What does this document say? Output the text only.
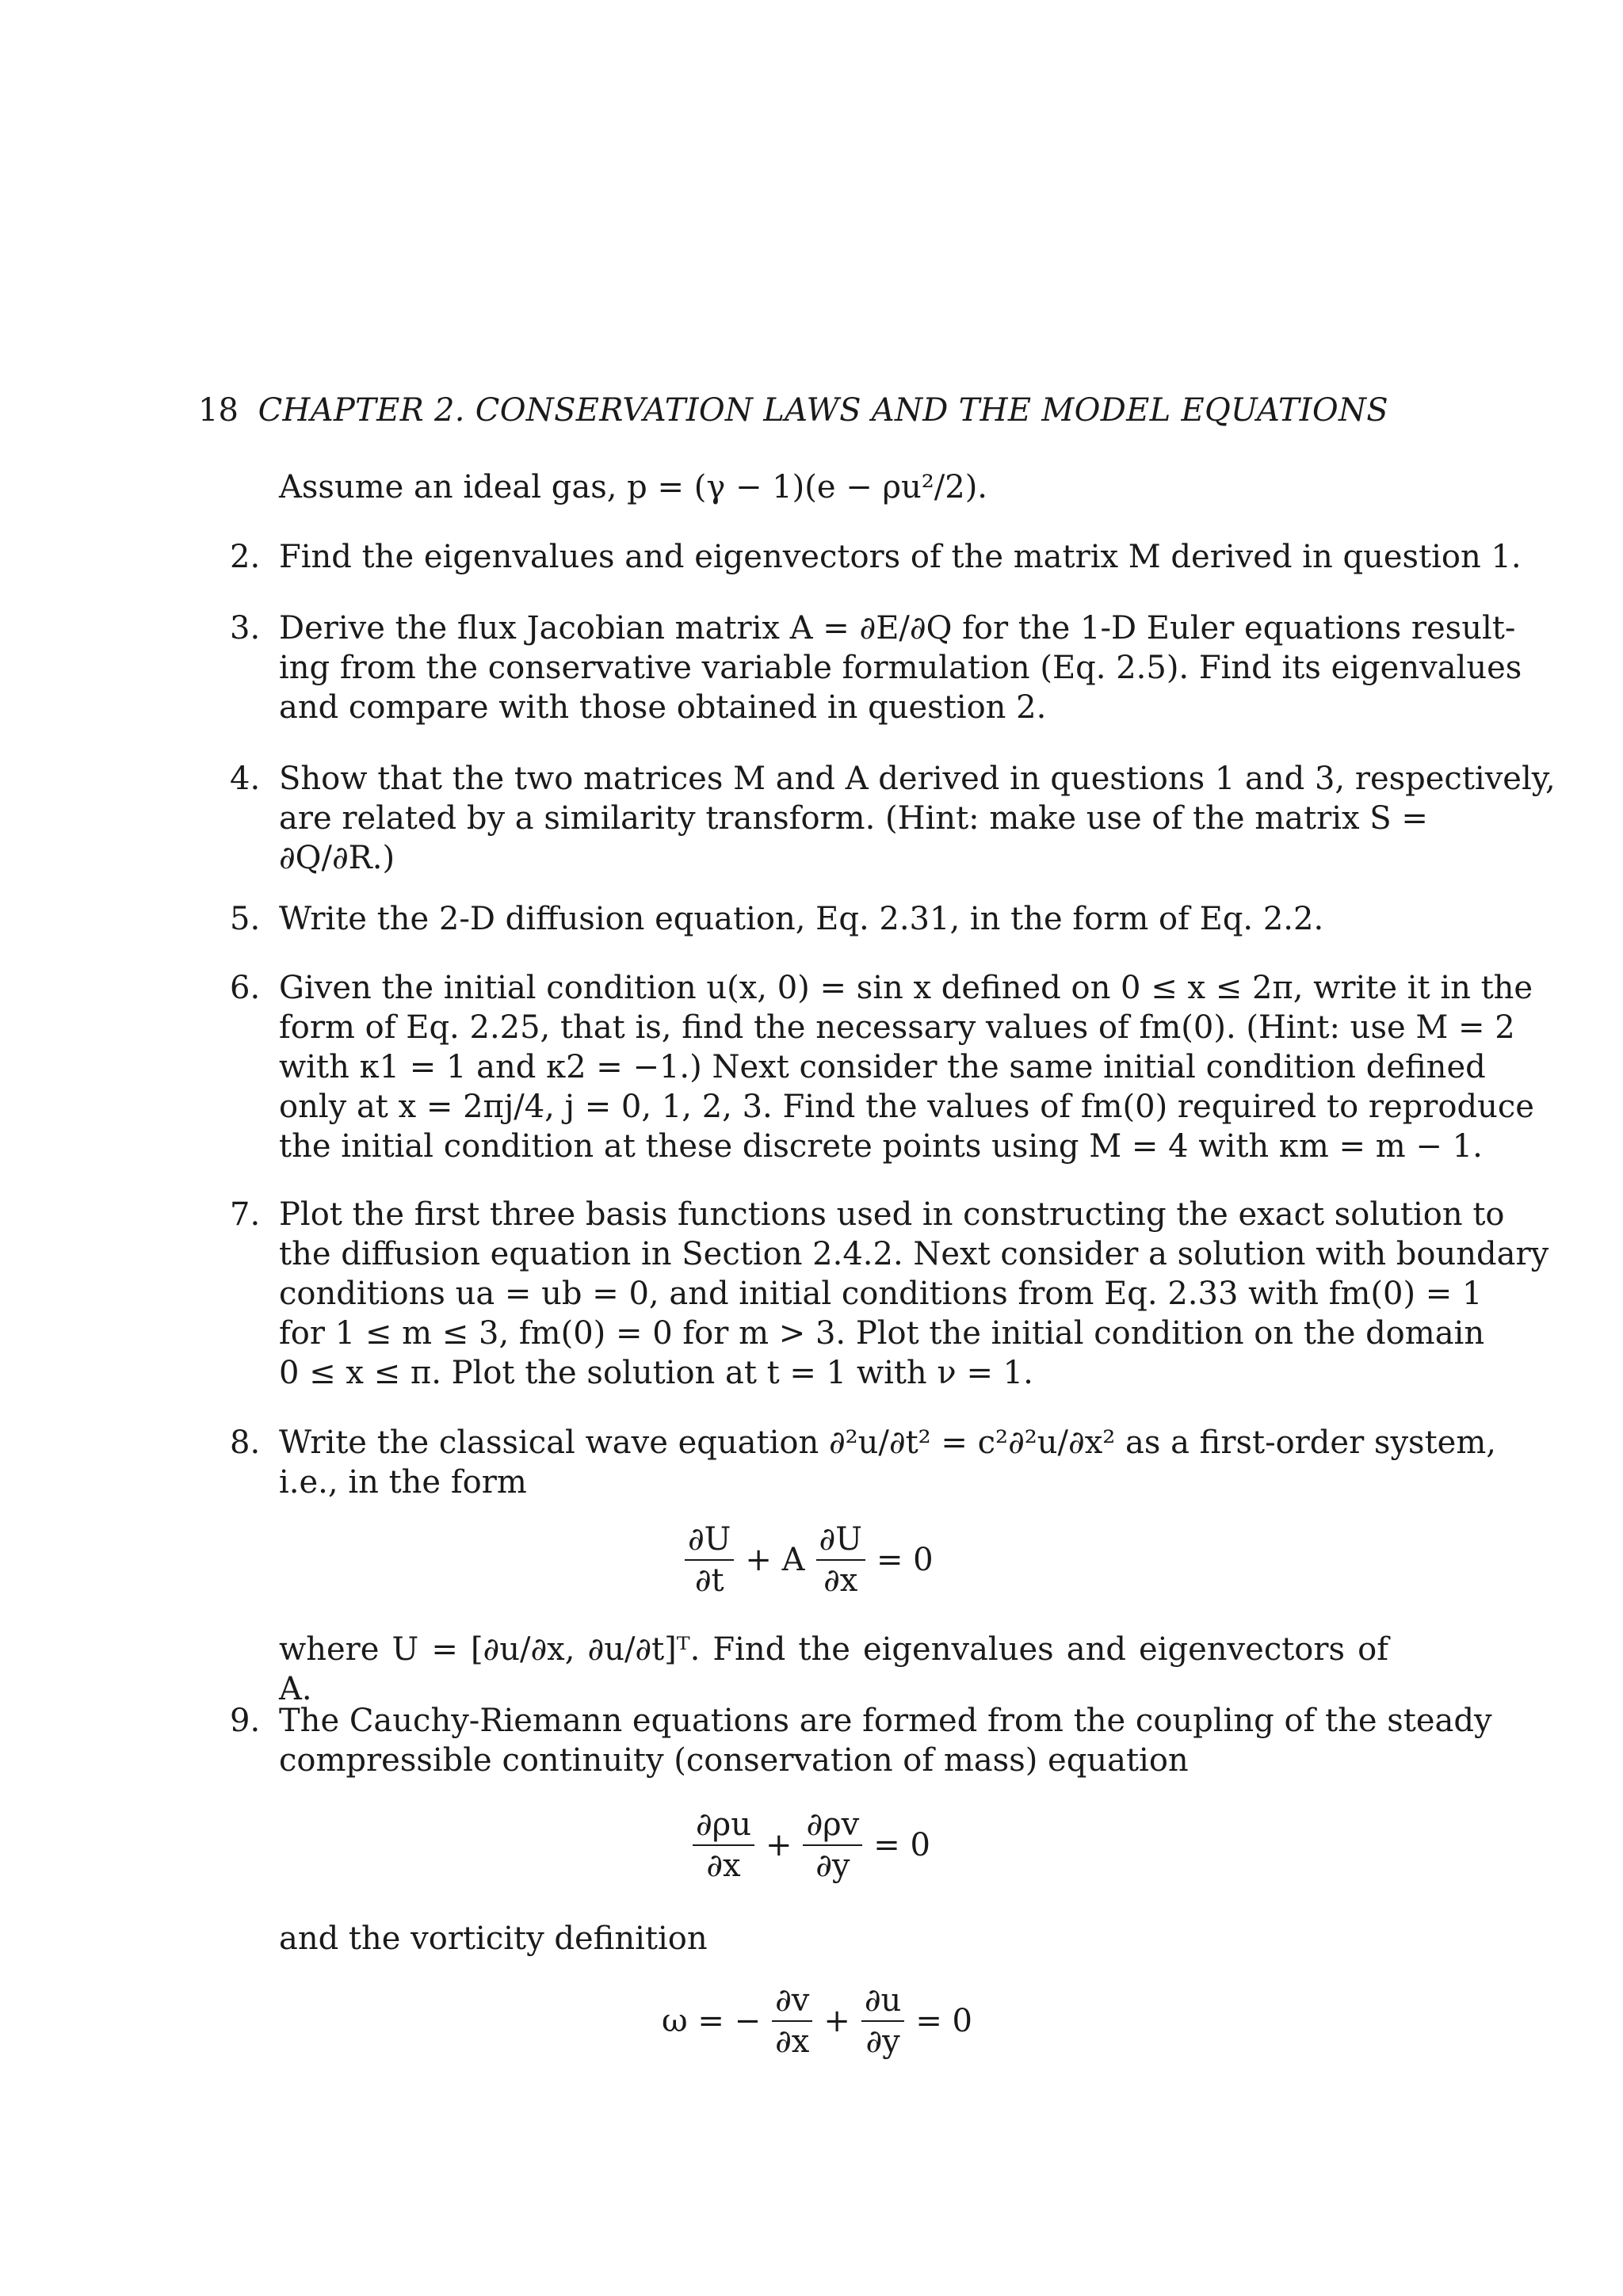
18 CHAPTER 2. CONSERVATION LAWS AND THE MODEL EQUATIONS
Assume an ideal gas, p = (γ − 1)(e − ρu²/2).
2. Find the eigenvalues and eigenvectors of the matrix M derived in question 1.
3. Derive the flux Jacobian matrix A = ∂E/∂Q for the 1-D Euler equations result-
ing from the conservative variable formulation (Eq. 2.5). Find its eigenvalues
and compare with those obtained in question 2.
4. Show that the two matrices M and A derived in questions 1 and 3, respectively,
are related by a similarity transform. (Hint: make use of the matrix S =
∂Q/∂R.)
5. Write the 2-D diffusion equation, Eq. 2.31, in the form of Eq. 2.2.
6. Given the initial condition u(x, 0) = sin x defined on 0 ≤ x ≤ 2π, write it in the
form of Eq. 2.25, that is, find the necessary values of fm(0). (Hint: use M = 2
with κ1 = 1 and κ2 = −1.) Next consider the same initial condition defined
only at x = 2πj/4, j = 0, 1, 2, 3. Find the values of fm(0) required to reproduce
the initial condition at these discrete points using M = 4 with κm = m − 1.
7. Plot the first three basis functions used in constructing the exact solution to
the diffusion equation in Section 2.4.2. Next consider a solution with boundary
conditions ua = ub = 0, and initial conditions from Eq. 2.33 with fm(0) = 1
for 1 ≤ m ≤ 3, fm(0) = 0 for m > 3. Plot the initial condition on the domain
0 ≤ x ≤ π. Plot the solution at t = 1 with ν = 1.
8. Write the classical wave equation ∂²u/∂t² = c²∂²u/∂x² as a first-order system,
i.e., in the form
9. The Cauchy-Riemann equations are formed from the coupling of the steady
compressible continuity (conservation of mass) equation
$\frac{\partial U}{\partial t} + A \frac{\partial U}{\partial x} = 0$
where U = [∂u/∂x, ∂u/∂t]ᵀ. Find the eigenvalues and eigenvectors of A.
$\frac{\partial\rho u}{\partial x} + \frac{\partial\rho v}{\partial y} = 0$
and the vorticity definition
ω = − $\frac{\partial v}{\partial x} + \frac{\partial u}{\partial y} = 0$
